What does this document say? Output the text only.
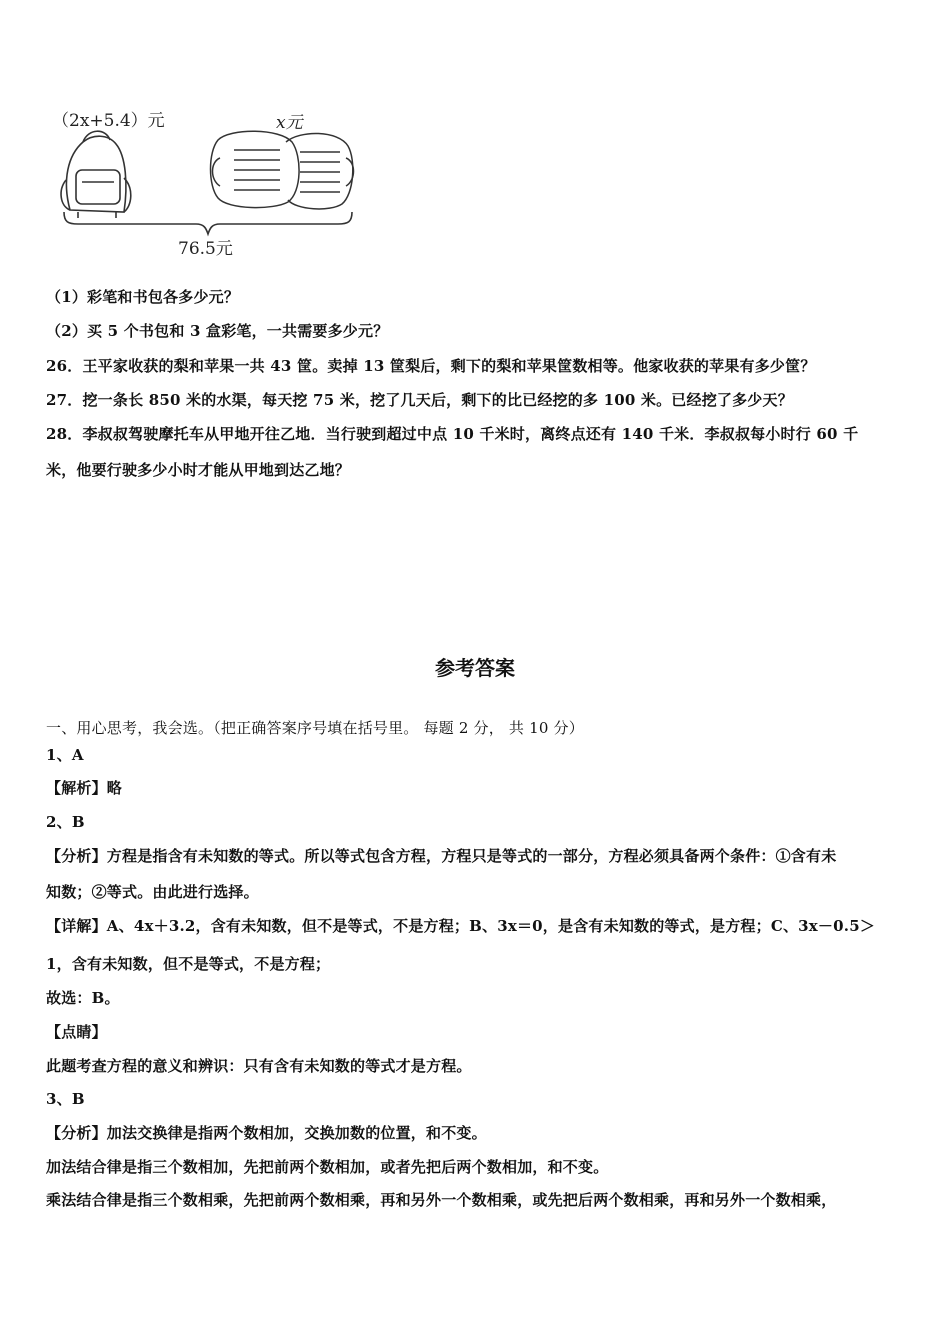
（2x+5.4）元	x元
76.5元
（1）彩笔和书包各多少元？
（2）买 5 个书包和 3 盒彩笔，一共需要多少元？
26．王平家收获的梨和苹果一共 43 筐。卖掉 13 筐梨后，剩下的梨和苹果筐数相等。他家收获的苹果有多少筐？
27．挖一条长 850 米的水渠，每天挖 75 米，挖了几天后，剩下的比已经挖的多 100 米。已经挖了多少天？
28．李叔叔驾驶摩托车从甲地开往乙地．当行驶到超过中点 10 千米时，离终点还有 140 千米．李叔叔每小时行 60 千
米，他要行驶多少小时才能从甲地到达乙地？
参考答案
一、用心思考，我会选。（把正确答案序号填在括号里。 每题 2 分， 共 10 分）
1、A
【解析】略
2、B
【分析】方程是指含有未知数的等式。所以等式包含方程，方程只是等式的一部分，方程必须具备两个条件：①含有未
知数；②等式。由此进行选择。
【详解】A、4x＋3.2，含有未知数，但不是等式，不是方程；B、3x＝0，是含有未知数的等式，是方程；C、3x－0.5＞
1，含有未知数，但不是等式，不是方程；
故选：B。
【点睛】
此题考查方程的意义和辨识：只有含有未知数的等式才是方程。
3、B
【分析】加法交换律是指两个数相加，交换加数的位置，和不变。
加法结合律是指三个数相加，先把前两个数相加，或者先把后两个数相加，和不变。
乘法结合律是指三个数相乘，先把前两个数相乘，再和另外一个数相乘，或先把后两个数相乘，再和另外一个数相乘，
